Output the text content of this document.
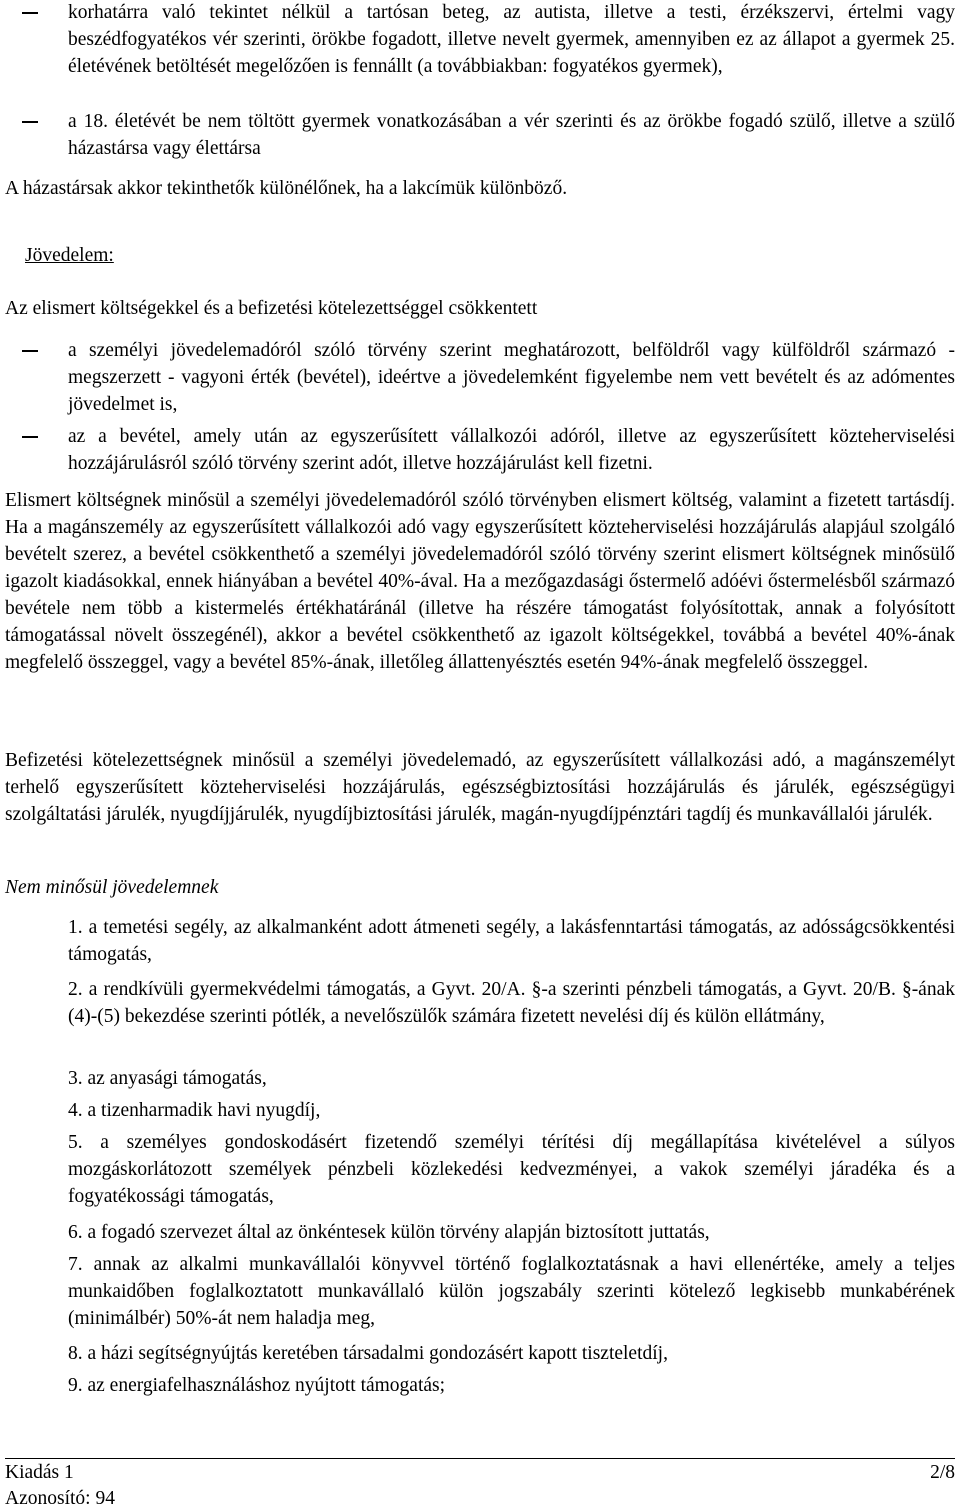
korhatárra való tekintet nélkül a tartósan beteg, az autista, illetve a testi, érzékszervi, értelmi vagy beszédfogyatékos vér szerinti, örökbe fogadott, illetve nevelt gyermek, amennyiben ez az állapot a gyermek 25. életévének betöltését megelőzően is fennállt (a továbbiakban: fogyatékos gyermek),
a 18. életévét be nem töltött gyermek vonatkozásában a vér szerinti és az örökbe fogadó szülő, illetve a szülő házastársa vagy élettársa
A házastársak akkor tekinthetők különélőnek, ha a lakcímük különböző.
Jövedelem:
Az elismert költségekkel és a befizetési kötelezettséggel csökkentett
a személyi jövedelemadóról szóló törvény szerint meghatározott, belföldről vagy külföldről származó - megszerzett - vagyoni érték (bevétel), ideértve a jövedelemként figyelembe nem vett bevételt és az adómentes jövedelmet is,
az a bevétel, amely után az egyszerűsített vállalkozói adóról, illetve az egyszerűsített közteherviselési hozzájárulásról szóló törvény szerint adót, illetve hozzájárulást kell fizetni.
Elismert költségnek minősül a személyi jövedelemadóról szóló törvényben elismert költség, valamint a fizetett tartásdíj. Ha a magánszemély az egyszerűsített vállalkozói adó vagy egyszerűsített közteherviselési hozzájárulás alapjául szolgáló bevételt szerez, a bevétel csökkenthető a személyi jövedelemadóról szóló törvény szerint elismert költségnek minősülő igazolt kiadásokkal, ennek hiányában a bevétel 40%-ával. Ha a mezőgazdasági őstermelő adóévi őstermelésből származó bevétele nem több a kistermelés értékhatáránál (illetve ha részére támogatást folyósítottak, annak a folyósított támogatással növelt összegénél), akkor a bevétel csökkenthető az igazolt költségekkel, továbbá a bevétel 40%-ának megfelelő összeggel, vagy a bevétel 85%-ának, illetőleg állattenyésztés esetén 94%-ának megfelelő összeggel.
Befizetési kötelezettségnek minősül a személyi jövedelemadó, az egyszerűsített vállalkozási adó, a magánszemélyt terhelő egyszerűsített közteherviselési hozzájárulás, egészségbiztosítási hozzájárulás és járulék, egészségügyi szolgáltatási járulék, nyugdíjjárulék, nyugdíjbiztosítási járulék, magán-nyugdíjpénztári tagdíj és munkavállalói járulék.
Nem minősül jövedelemnek
1. a temetési segély, az alkalmanként adott átmeneti segély, a lakásfenntartási támogatás, az adósságcsökkentési támogatás,
2. a rendkívüli gyermekvédelmi támogatás, a Gyvt. 20/A. §-a szerinti pénzbeli támogatás, a Gyvt. 20/B. §-ának (4)-(5) bekezdése szerinti pótlék, a nevelőszülők számára fizetett nevelési díj és külön ellátmány,
3. az anyasági támogatás,
4. a tizenharmadik havi nyugdíj,
5. a személyes gondoskodásért fizetendő személyi térítési díj megállapítása kivételével a súlyos mozgáskorlátozott személyek pénzbeli közlekedési kedvezményei, a vakok személyi járadéka és a fogyatékossági támogatás,
6. a fogadó szervezet által az önkéntesek külön törvény alapján biztosított juttatás,
7. annak az alkalmi munkavállalói könyvvel történő foglalkoztatásnak a havi ellenértéke, amely a teljes munkaidőben foglalkoztatott munkavállaló külön jogszabály szerinti kötelező legkisebb munkabérének (minimálbér) 50%-át nem haladja meg,
8. a házi segítségnyújtás keretében társadalmi gondozásért kapott tiszteletdíj,
9. az energiafelhasználáshoz nyújtott támogatás;
Kiadás 1
Azonosító: 94
2/8
